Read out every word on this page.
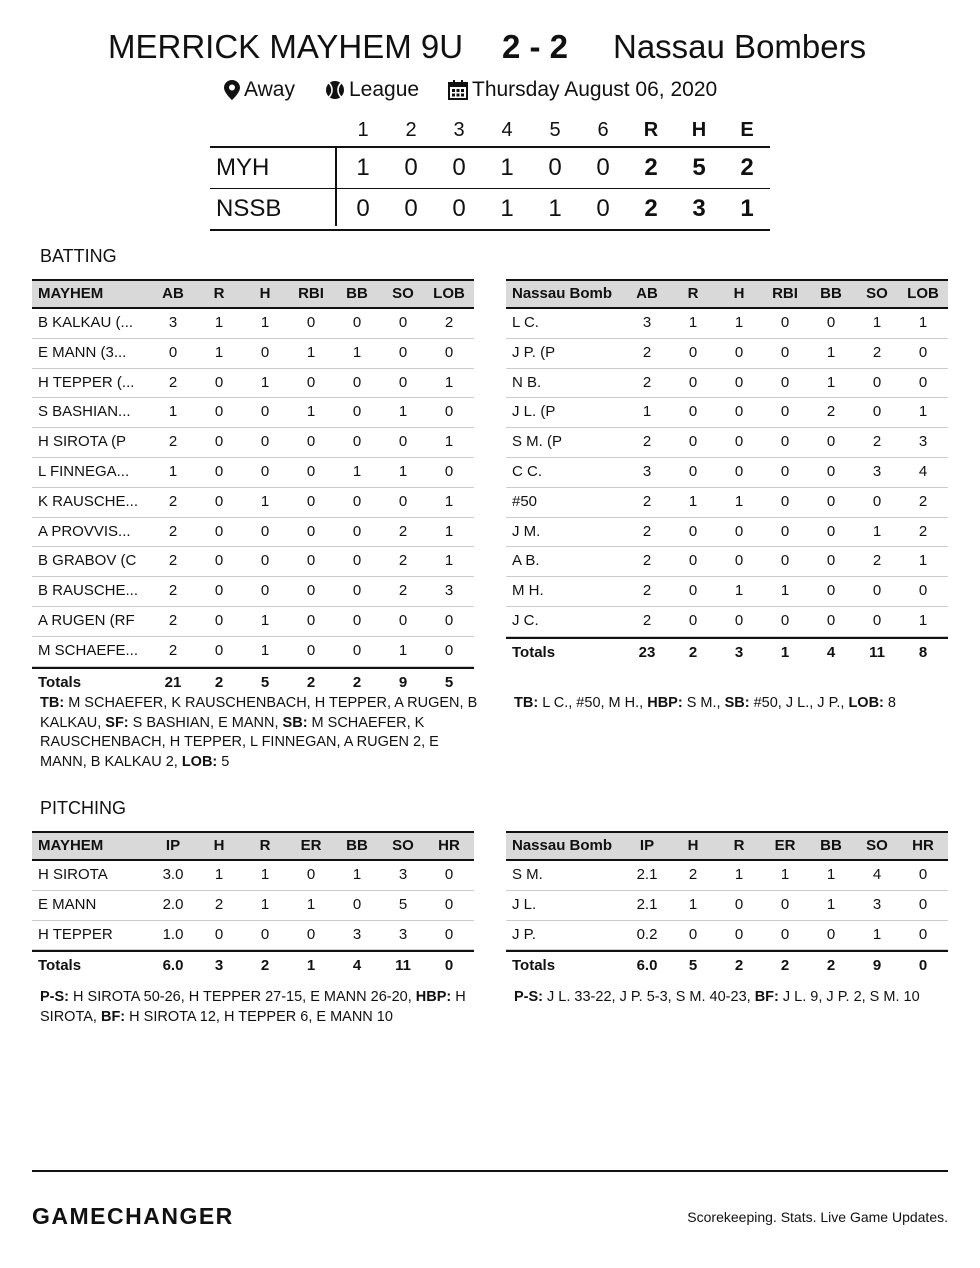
MERRICK MAYHEM 9U 2 - 2 Nassau Bombers
Away	League	Thursday August 06, 2020
1	2	3	4	5	6	R	H	E
MYH	1	0	0	1	0	0	2	5	2
NSSB	0	0	0	1	1	0	2	3	1
BATTING
MAYHEM	AB	R	H	RBI	BB	SO	LOB
B KALKAU (...	3	1	1	0	0	0	2
E MANN (3...	0	1	0	1	1	0	0
H TEPPER (...	2	0	1	0	0	0	1
S BASHIAN...	1	0	0	1	0	1	0
H SIROTA (P	2	0	0	0	0	0	1
L FINNEGA...	1	0	0	0	1	1	0
K RAUSCHE...	2	0	1	0	0	0	1
A PROVVIS...	2	0	0	0	0	2	1
B GRABOV (C	2	0	0	0	0	2	1
B RAUSCHE...	2	0	0	0	0	2	3
A RUGEN (RF	2	0	1	0	0	0	0
M SCHAEFE...	2	0	1	0	0	1	0
Totals	21	2	5	2	2	9	5
Nassau Bomb	AB	R	H	RBI	BB	SO	LOB
L C.	3	1	1	0	0	1	1
J P. (P	2	0	0	0	1	2	0
N B.	2	0	0	0	1	0	0
J L. (P	1	0	0	0	2	0	1
S M. (P	2	0	0	0	0	2	3
C C.	3	0	0	0	0	3	4
#50	2	1	1	0	0	0	2
J M.	2	0	0	0	0	1	2
A B.	2	0	0	0	0	2	1
M H.	2	0	1	1	0	0	0
J C.	2	0	0	0	0	0	1
Totals	23	2	3	1	4	11	8
TB: M SCHAEFER, K RAUSCHENBACH, H TEPPER, A RUGEN, B KALKAU, SF: S BASHIAN, E MANN, SB: M SCHAEFER, K RAUSCHENBACH, H TEPPER, L FINNEGAN, A RUGEN 2, E MANN, B KALKAU 2, LOB: 5
TB: L C., #50, M H., HBP: S M., SB: #50, J L., J P., LOB: 8
PITCHING
MAYHEM	IP	H	R	ER	BB	SO	HR
H SIROTA	3.0	1	1	0	1	3	0
E MANN	2.0	2	1	1	0	5	0
H TEPPER	1.0	0	0	0	3	3	0
Totals	6.0	3	2	1	4	11	0
Nassau Bomb	IP	H	R	ER	BB	SO	HR
S M.	2.1	2	1	1	1	4	0
J L.	2.1	1	0	0	1	3	0
J P.	0.2	0	0	0	0	1	0
Totals	6.0	5	2	2	2	9	0
P-S: H SIROTA 50-26, H TEPPER 27-15, E MANN 26-20, HBP: H SIROTA, BF: H SIROTA 12, H TEPPER 6, E MANN 10
P-S: J L. 33-22, J P. 5-3, S M. 40-23, BF: J L. 9, J P. 2, S M. 10
GAMECHANGER	Scorekeeping. Stats. Live Game Updates.
